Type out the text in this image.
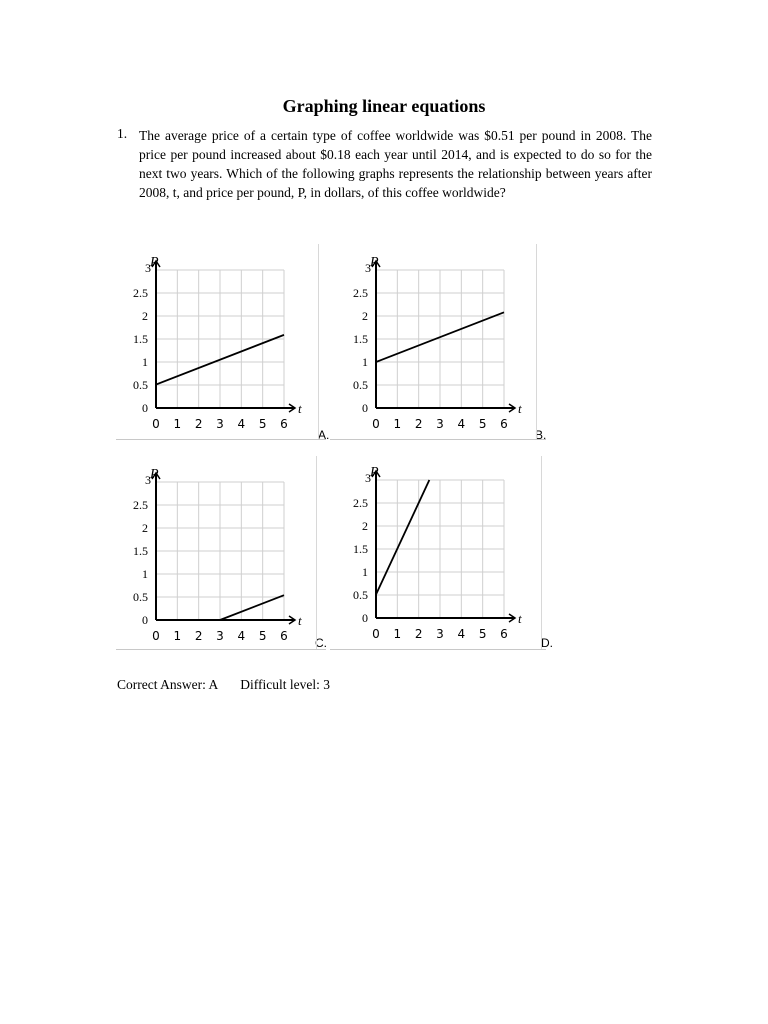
Graphing linear equations
1. The average price of a certain type of coffee worldwide was $0.51 per pound in 2008. The price per pound increased about $0.18 each year until 2014, and is expected to do so for the next two years. Which of the following graphs represents the relationship between years after 2008, t, and price per pound, P, in dollars, of this coffee worldwide?

0 1 2 3 4 5 6
0
0.5
1
1.5
2
2.5
3
t
P
A.
0 1 2 3 4 5 6
0
0.5
1
1.5
2
2.5
3
t
P
B.
0 1 2 3 4 5 6
0
0.5
1
1.5
2
2.5
3
t
P
C.
0 1 2 3 4 5 6
0
0.5
1
1.5
2
2.5
3
t
P
D.
Correct Answer: A Difficult level: 3
